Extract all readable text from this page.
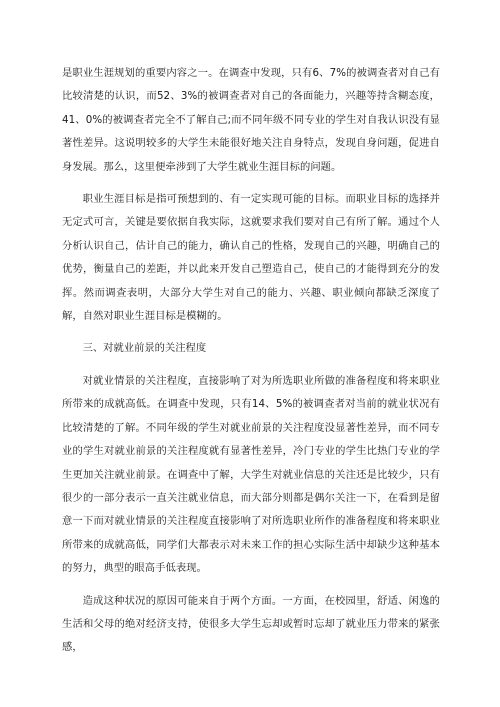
是职业生涯规划的重要内容之一。在调查中发现，只有6、7%的被调查者对自己有比较清楚的认识，而52、3%的被调查者对自己的各面能力，兴趣等持含糊态度，41、0%的被调查者完全不了解自己;而不同年级不同专业的学生对自我认识没有显著性差异。这说明较多的大学生未能很好地关注自身特点，发现自身问题，促进自身发展。那么，这里便牵涉到了大学生就业生涯目标的问题。

职业生涯目标是指可预想到的、有一定实现可能的目标。而职业目标的选择并无定式可言，关键是要依据自我实际，这就要求我们要对自己有所了解。通过个人分析认识自己，估计自己的能力，确认自己的性格，发现自己的兴趣，明确自己的优势，衡量自己的差距，并以此来开发自己塑造自己，使自己的才能得到充分的发挥。然而调查表明，大部分大学生对自己的能力、兴趣、职业倾向都缺乏深度了解，自然对职业生涯目标是模糊的。

三、对就业前景的关注程度

对就业情景的关注程度，直接影响了对为所选职业所做的准备程度和将来职业所带来的成就高低。在调查中发现，只有14、5%的被调查者对当前的就业状况有比较清楚的了解。不同年级的学生对就业前景的关注程度没显著性差异，而不同专业的学生对就业前景的关注程度就有显著性差异，冷门专业的学生比热门专业的学生更加关注就业前景。在调查中了解，大学生对就业信息的关注还是比较少，只有很少的一部分表示一直关注就业信息，而大部分则都是偶尔关注一下，在看到是留意一下而对就业情景的关注程度直接影响了对所选职业所作的准备程度和将来职业所带来的成就高低，同学们大都表示对未来工作的担心实际生活中却缺少这种基本的努力，典型的眼高手低表现。

造成这种状况的原因可能来自于两个方面。一方面，在校园里，舒适、闲逸的生活和父母的绝对经济支持，使很多大学生忘却或暂时忘却了就业压力带来的紧张感，
